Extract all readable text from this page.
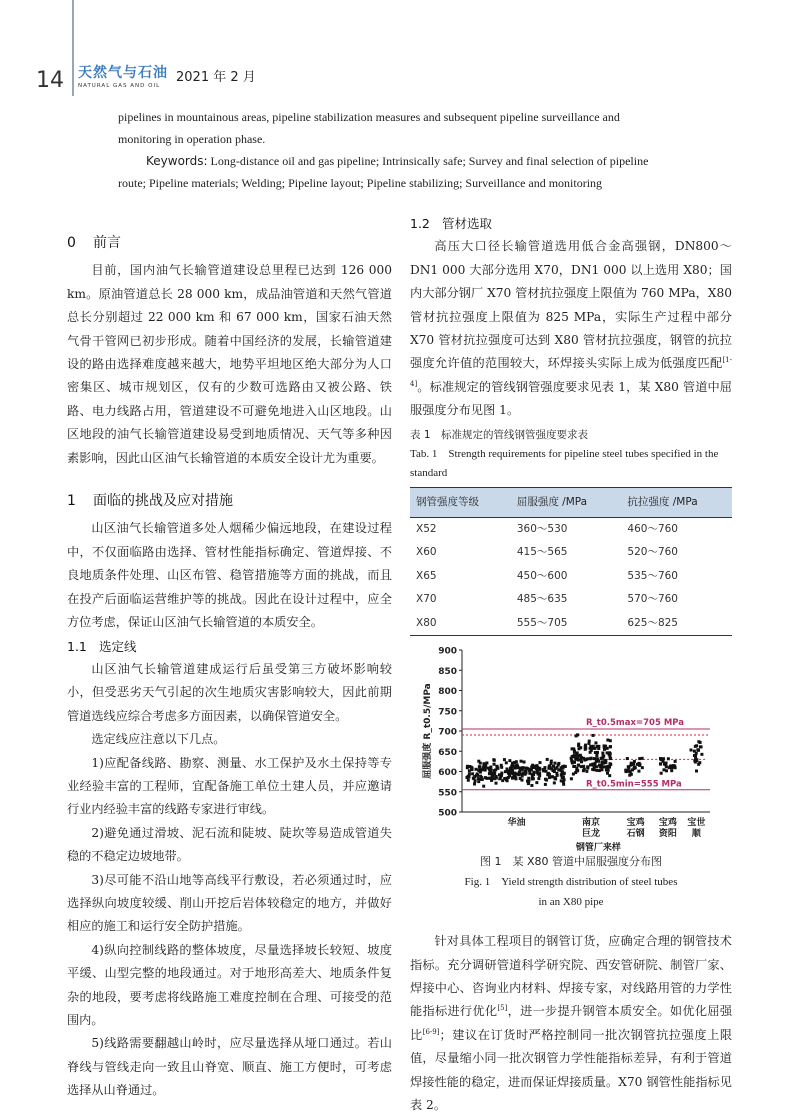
14 天然气与石油
NATURAL GAS AND OIL
2021 年 2 月
pipelines in mountainous areas, pipeline stabilization measures and subsequent pipeline surveillance and
monitoring in operation phase.
Keywords: Long-distance oil and gas pipeline; Intrinsically safe; Survey and final selection of pipeline
route; Pipeline materials; Welding; Pipeline layout; Pipeline stabilizing; Surveillance and monitoring
0 前言
目前，国内油气长输管道建设总里程已达到 126 000 km。原油管道总长 28 000 km，成品油管道和天然气管道总长分别超过 22 000 km 和 67 000 km，国家石油天然气骨干管网已初步形成。随着中国经济的发展，长输管道建设的路由选择难度越来越大，地势平坦地区绝大部分为人口密集区、城市规划区，仅有的少数可选路由又被公路、铁路、电力线路占用，管道建设不可避免地进入山区地段。山区地段的油气长输管道建设易受到地质情况、天气等多种因素影响，因此山区油气长输管道的本质安全设计尤为重要。
1 面临的挑战及应对措施
山区油气长输管道多处人烟稀少偏远地段，在建设过程中，不仅面临路由选择、管材性能指标确定、管道焊接、不良地质条件处理、山区布管、稳管措施等方面的挑战，而且在投产后面临运营维护等的挑战。因此在设计过程中，应全方位考虑，保证山区油气长输管道的本质安全。
1.1 选定线
山区油气长输管道建成运行后虽受第三方破坏影响较小，但受恶劣天气引起的次生地质灾害影响较大，因此前期管道选线应综合考虑多方面因素，以确保管道安全。
选定线应注意以下几点。
1)应配备线路、勘察、测量、水工保护及水土保持等专业经验丰富的工程师，宜配备施工单位土建人员，并应邀请行业内经验丰富的线路专家进行审线。
2)避免通过滑坡、泥石流和陡坡、陡坎等易造成管道失稳的不稳定边坡地带。
3)尽可能不沿山地等高线平行敷设，若必须通过时，应选择纵向坡度较缓、削山开挖后岩体较稳定的地方，并做好相应的施工和运行安全防护措施。
4)纵向控制线路的整体坡度，尽量选择坡长较短、坡度平缓、山型完整的地段通过。对于地形高差大、地质条件复杂的地段，要考虑将线路施工难度控制在合理、可接受的范围内。
5)线路需要翻越山岭时，应尽量选择从垭口通过。若山脊线与管线走向一致且山脊宽、顺直、施工方便时，可考虑选择从山脊通过。
1.2 管材选取
高压大口径长输管道选用低合金高强钢，DN800～DN1 000 大部分选用 X70，DN1 000 以上选用 X80；国内大部分钢厂 X70 管材抗拉强度上限值为 760 MPa，X80 管材抗拉强度上限值为 825 MPa，实际生产过程中部分 X70 管材抗拉强度可达到 X80 管材抗拉强度，钢管的抗拉强度允许值的范围较大，环焊接头实际上成为低强度匹配[1-4]。标准规定的管线钢管强度要求见表 1，某 X80 管道中屈服强度分布见图 1。
表 1　标准规定的管线钢管强度要求表
Tab. 1　Strength requirements for pipeline steel tubes specified in the standard
钢管强度等级	屈服强度 /MPa	抗拉强度 /MPa
X52	360～530	460～760
X60	415～565	520～760
X65	450～600	535～760
X70	485～635	570～760
X80	555～705	625～825
500
550
600
650
700
750
800
850
900
屈服强度 R_t0.5/MPa	R_t0.5max=705 MPa
R_t0.5min=555 MPa
华油	南京
巨龙
宝鸡
石钢
宝鸡
资阳
宝世
顺
钢管厂来样
图 1　某 X80 管道中屈服强度分布图
Fig. 1　Yield strength distribution of steel tubes
in an X80 pipe
针对具体工程项目的钢管订货，应确定合理的钢管技术指标。充分调研管道科学研究院、西安管研院、制管厂家、焊接中心、咨询业内材料、焊接专家，对线路用管的力学性能指标进行优化[5]，进一步提升钢管本质安全。如优化屈强比[6-9]；建议在订货时严格控制同一批次钢管抗拉强度上限值，尽量缩小同一批次钢管力学性能指标差异，有利于管道焊接性能的稳定，进而保证焊接质量。X70 钢管性能指标见表 2。
